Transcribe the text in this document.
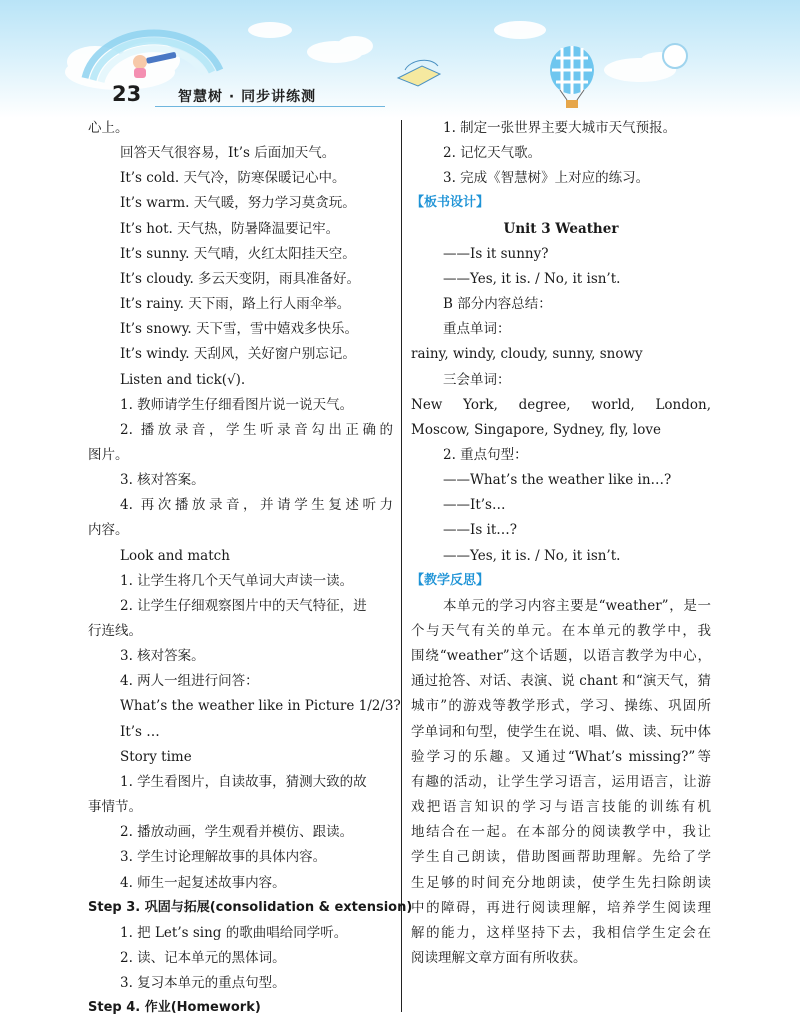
23	智慧树 · 同步讲练测
心上。
回答天气很容易，It’s 后面加天气。
It’s cold. 天气冷，防寒保暖记心中。
It’s warm. 天气暖，努力学习莫贪玩。
It’s hot. 天气热，防暑降温要记牢。
It’s sunny. 天气晴，火红太阳挂天空。
It’s cloudy. 多云天变阴，雨具准备好。
It’s rainy. 天下雨，路上行人雨伞举。
It’s snowy. 天下雪，雪中嬉戏多快乐。
It’s windy. 天刮风，关好窗户别忘记。
Listen and tick(√).
1. 教师请学生仔细看图片说一说天气。
2. 播放录音，学生听录音勾出正确的
图片。
3. 核对答案。
4. 再次播放录音，并请学生复述听力
内容。
Look and match
1. 让学生将几个天气单词大声读一读。
2. 让学生仔细观察图片中的天气特征，进
行连线。
3. 核对答案。
4. 两人一组进行问答：
What’s the weather like in Picture 1/2/3?
It’s …
Story time
1. 学生看图片，自读故事，猜测大致的故
事情节。
2. 播放动画，学生观看并模仿、跟读。
3. 学生讨论理解故事的具体内容。
4. 师生一起复述故事内容。
Step 3. 巩固与拓展(consolidation & extension)
1. 把 Let’s sing 的歌曲唱给同学听。
2. 读、记本单元的黑体词。
3. 复习本单元的重点句型。
Step 4. 作业(Homework)
1. 制定一张世界主要大城市天气预报。
2. 记忆天气歌。
3. 完成《智慧树》上对应的练习。
【板书设计】
Unit 3 Weather
——Is it sunny?
——Yes, it is. / No, it isn’t.
B 部分内容总结：
重点单词：
rainy, windy, cloudy, sunny, snowy
三会单词：
New York, degree, world, London,
Moscow, Singapore, Sydney, fly, love
2. 重点句型：
——What’s the weather like in…?
——It’s…
——Is it…?
——Yes, it is. / No, it isn’t.
【教学反思】
本单元的学习内容主要是“weather”，是一
个与天气有关的单元。在本单元的教学中，我
围绕“weather”这个话题，以语言教学为中心，
通过抢答、对话、表演、说 chant 和“演天气，猜
城市”的游戏等教学形式，学习、操练、巩固所
学单词和句型，使学生在说、唱、做、读、玩中体
验学习的乐趣。又通过“What’s missing?”等
有趣的活动，让学生学习语言，运用语言，让游
戏把语言知识的学习与语言技能的训练有机
地结合在一起。在本部分的阅读教学中，我让
学生自己朗读，借助图画帮助理解。先给了学
生足够的时间充分地朗读，使学生先扫除朗读
中的障碍，再进行阅读理解，培养学生阅读理
解的能力，这样坚持下去，我相信学生定会在
阅读理解文章方面有所收获。
